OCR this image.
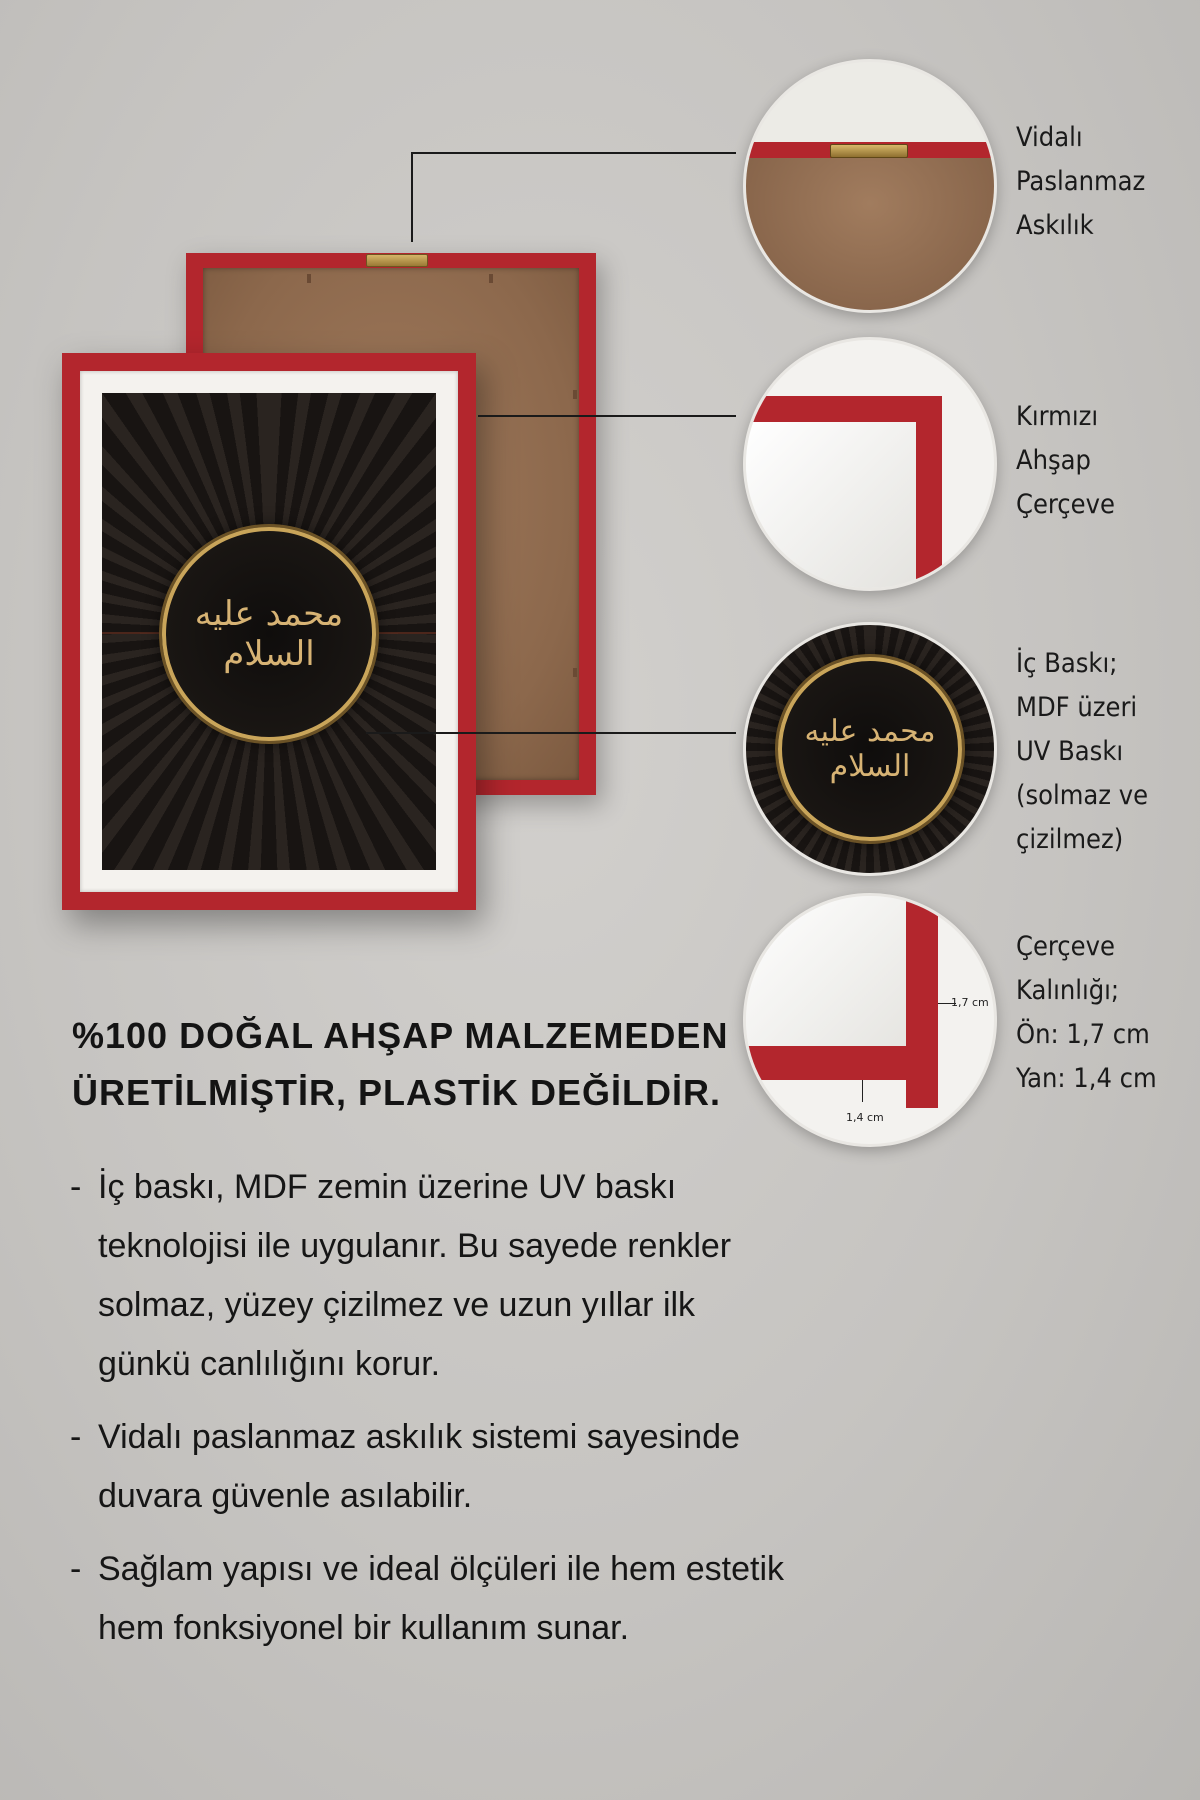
محمد عليه السلام
محمد عليه السلام
1,7 cm
1,4 cm

Vidalı
Paslanmaz
Askılık

Kırmızı
Ahşap
Çerçeve

İç Baskı;
MDF üzeri
UV Baskı
(solmaz ve
çizilmez)

Çerçeve
Kalınlığı;
Ön: 1,7 cm
Yan: 1,4 cm

%100 DOĞAL AHŞAP MALZEMEDEN
ÜRETİLMİŞTİR, PLASTİK DEĞİLDİR.
- İç baskı, MDF zemin üzerine UV baskı teknolojisi ile uygulanır. Bu sayede renkler solmaz, yüzey çizilmez ve uzun yıllar ilk günkü canlılığını korur.
- Vidalı paslanmaz askılık sistemi sayesinde duvara güvenle asılabilir.
- Sağlam yapısı ve ideal ölçüleri ile hem estetik hem fonksiyonel bir kullanım sunar.
